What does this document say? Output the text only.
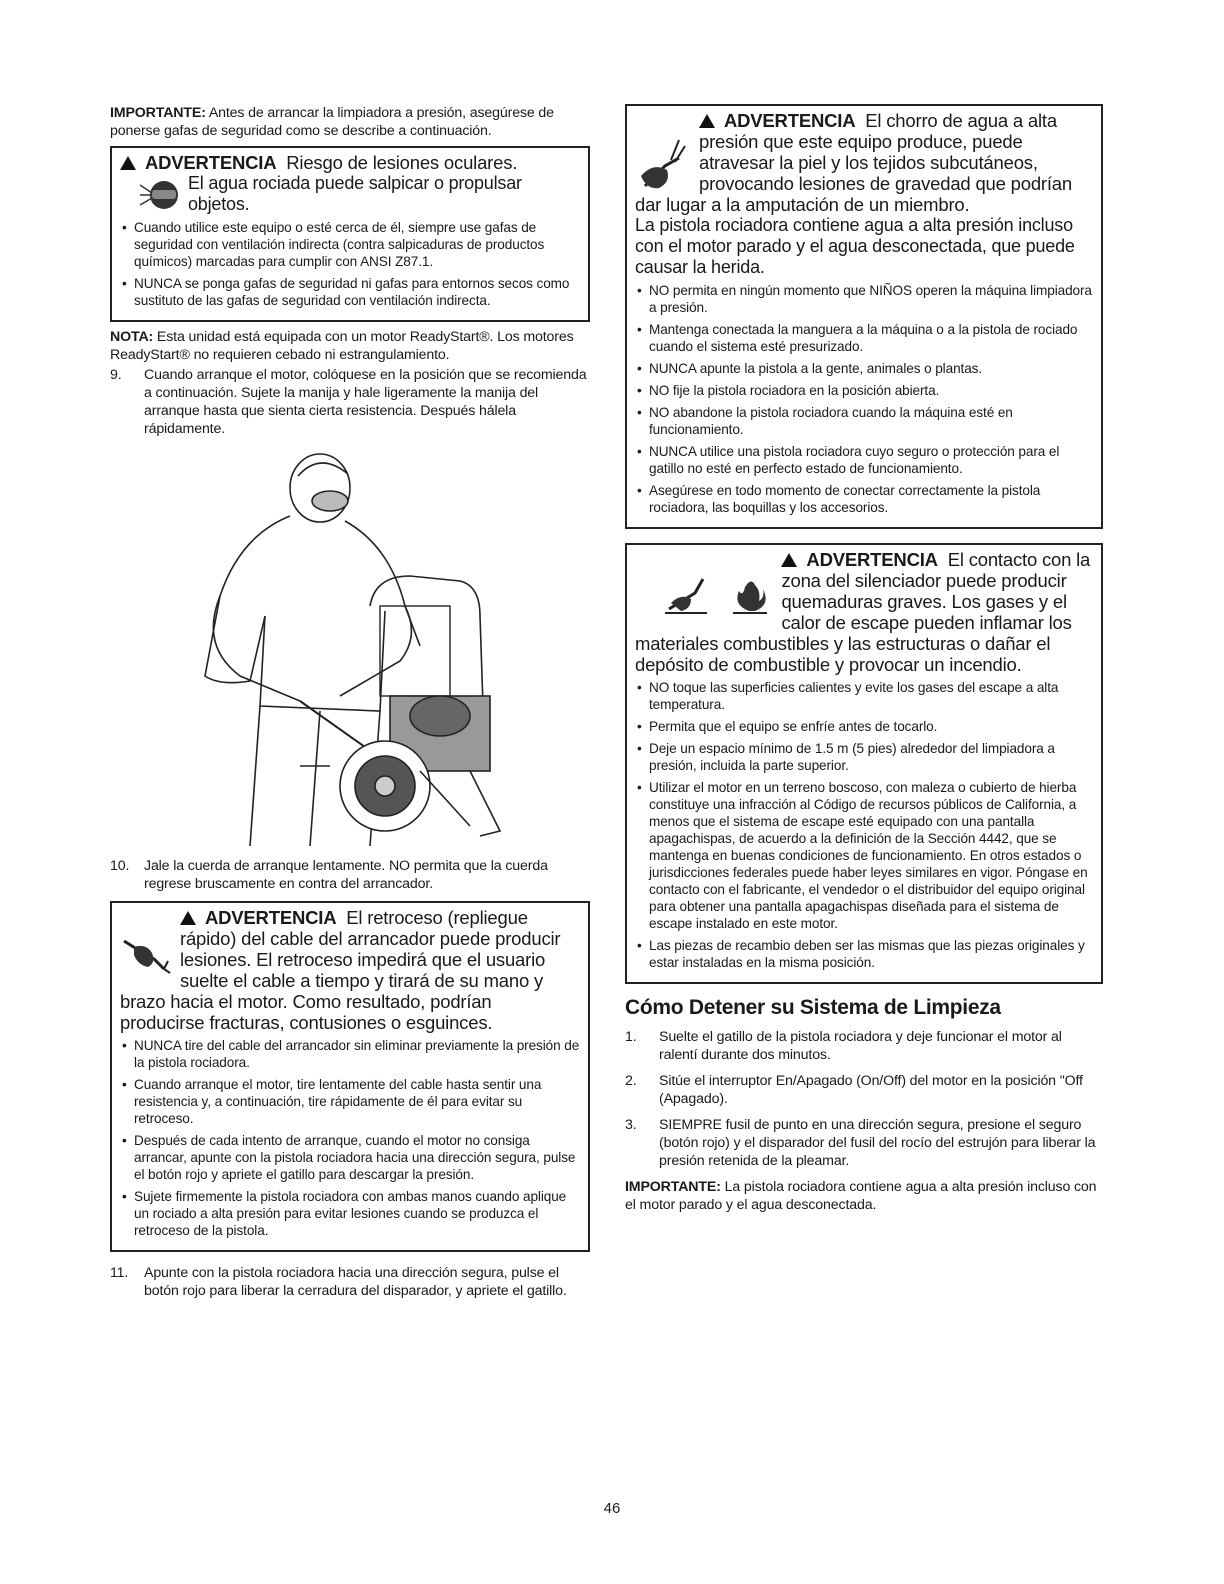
IMPORTANTE: Antes de arrancar la limpiadora a presión, asegúrese de ponerse gafas de seguridad como se describe a continuación.

ADVERTENCIA Riesgo de lesiones oculares.
El agua rociada puede salpicar o propulsar
objetos.
• Cuando utilice este equipo o esté cerca de él, siempre use gafas de seguridad con ventilación indirecta (contra salpicaduras de productos químicos) marcadas para cumplir con ANSI Z87.1.
• NUNCA se ponga gafas de seguridad ni gafas para entornos secos como sustituto de las gafas de seguridad con ventilación indirecta.

NOTA: Esta unidad está equipada con un motor ReadyStart®. Los motores ReadyStart® no requieren cebado ni estrangulamiento.

9. Cuando arranque el motor, colóquese en la posición que se recomienda a continuación. Sujete la manija y hale ligeramente la manija del arranque hasta que sienta cierta resistencia. Después hálela rápidamente.
10. Jale la cuerda de arranque lentamente. NO permita que la cuerda regrese bruscamente en contra del arrancador.
ADVERTENCIA El retroceso (repliegue rápido) del cable del arrancador puede producir lesiones. El retroceso impedirá que el usuario suelte el cable a tiempo y tirará de su mano y brazo hacia el motor. Como resultado, podrían producirse fracturas, contusiones o esguinces.
• NUNCA tire del cable del arrancador sin eliminar previamente la presión de la pistola rociadora.
• Cuando arranque el motor, tire lentamente del cable hasta sentir una resistencia y, a continuación, tire rápidamente de él para evitar su retroceso.
• Después de cada intento de arranque, cuando el motor no consiga arrancar, apunte con la pistola rociadora hacia una dirección segura, pulse el botón rojo y apriete el gatillo para descargar la presión.
• Sujete firmemente la pistola rociadora con ambas manos cuando aplique un rociado a alta presión para evitar lesiones cuando se produzca el retroceso de la pistola.
11. Apunte con la pistola rociadora hacia una dirección segura, pulse el botón rojo para liberar la cerradura del disparador, y apriete el gatillo.
ADVERTENCIA El chorro de agua a alta presión que este equipo produce, puede atravesar la piel y los tejidos subcutáneos, provocando lesiones de gravedad que podrían dar lugar a la amputación de un miembro.
La pistola rociadora contiene agua a alta presión incluso con el motor parado y el agua desconectada, que puede causar la herida.
• NO permita en ningún momento que NIÑOS operen la máquina limpiadora a presión.
• Mantenga conectada la manguera a la máquina o a la pistola de rociado cuando el sistema esté presurizado.
• NUNCA apunte la pistola a la gente, animales o plantas.
• NO fije la pistola rociadora en la posición abierta.
• NO abandone la pistola rociadora cuando la máquina esté en funcionamiento.
• NUNCA utilice una pistola rociadora cuyo seguro o protección para el gatillo no esté en perfecto estado de funcionamiento.
• Asegúrese en todo momento de conectar correctamente la pistola rociadora, las boquillas y los accesorios.

ADVERTENCIA El contacto con la zona del silenciador puede producir quemaduras graves. Los gases y el calor de escape pueden inflamar los materiales combustibles y las estructuras o dañar el depósito de combustible y provocar un incendio.
• NO toque las superficies calientes y evite los gases del escape a alta temperatura.
• Permita que el equipo se enfríe antes de tocarlo.
• Deje un espacio mínimo de 1.5 m (5 pies) alrededor del limpiadora a presión, incluida la parte superior.
• Utilizar el motor en un terreno boscoso, con maleza o cubierto de hierba constituye una infracción al Código de recursos públicos de California, a menos que el sistema de escape esté equipado con una pantalla apagachispas, de acuerdo a la definición de la Sección 4442, que se mantenga en buenas condiciones de funcionamiento. En otros estados o jurisdicciones federales puede haber leyes similares en vigor. Póngase en contacto con el fabricante, el vendedor o el distribuidor del equipo original para obtener una pantalla apagachispas diseñada para el sistema de escape instalado en este motor.
• Las piezas de recambio deben ser las mismas que las piezas originales y estar instaladas en la misma posición.
Cómo Detener su Sistema de Limpieza
1. Suelte el gatillo de la pistola rociadora y deje funcionar el motor al ralentí durante dos minutos.
2. Sitúe el interruptor En/Apagado (On/Off) del motor en la posición "Off (Apagado).
3. SIEMPRE fusil de punto en una dirección segura, presione el seguro (botón rojo) y el disparador del fusil del rocío del estrujón para liberar la presión retenida de la pleamar.

IMPORTANTE: La pistola rociadora contiene agua a alta presión incluso con el motor parado y el agua desconectada.

46
